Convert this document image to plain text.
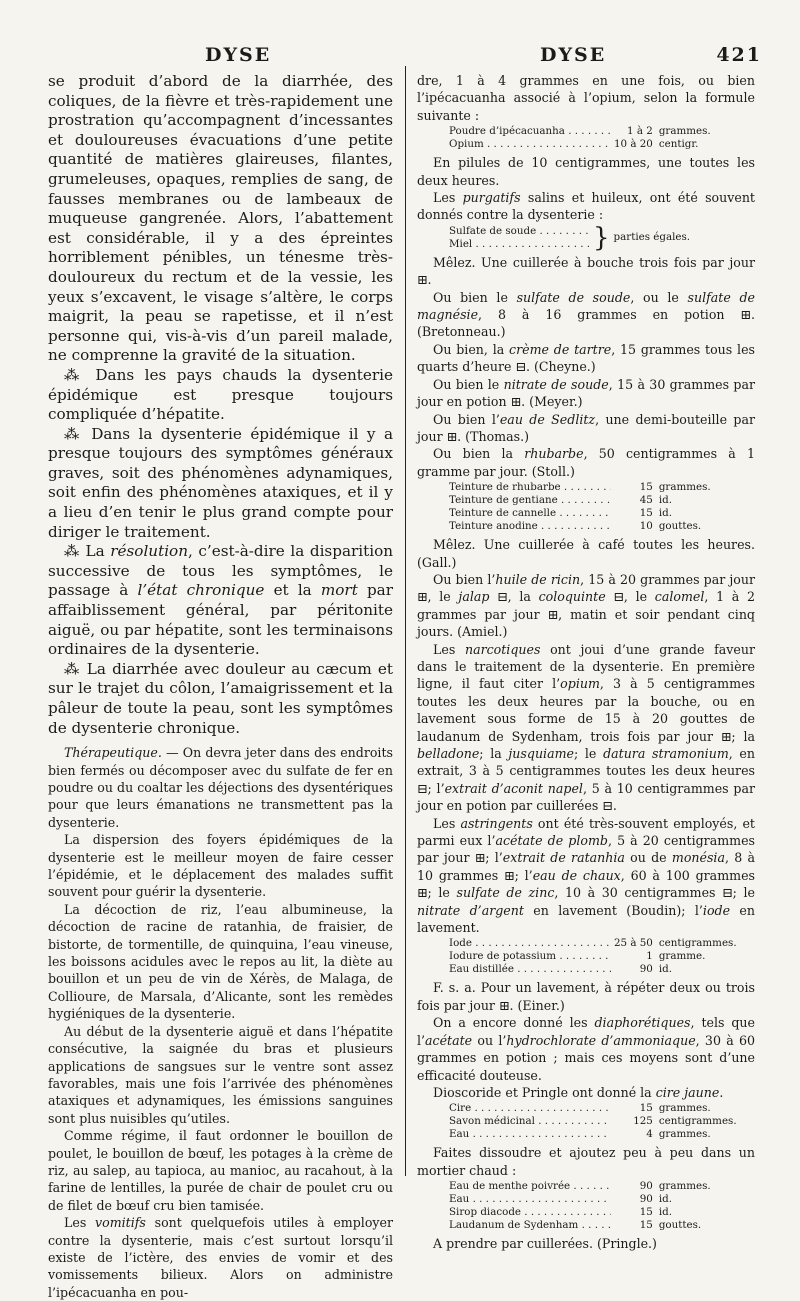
DYSE	DYSE	421

se produit d’abord de la diarrhée, des coliques, de la fièvre et très-rapidement une prostration qu’accompagnent d’incessantes et douloureuses évacuations d’une petite quantité de matières glaireuses, filantes, grumeleuses, opaques, remplies de sang, de fausses membranes ou de lambeaux de muqueuse gangrenée. Alors, l’abattement est considérable, il y a des épreintes horriblement pénibles, un ténesme très-douloureux du rectum et de la vessie, les yeux s’excavent, le visage s’altère, le corps maigrit, la peau se rapetisse, et il n’est personne qui, vis-à-vis d’un pareil malade, ne comprenne la gravité de la situation.

⁂ Dans les pays chauds la dysenterie épidémique est presque toujours compliquée d’hépatite.

⁂ Dans la dysenterie épidémique il y a presque toujours des symptômes généraux graves, soit des phénomènes adynamiques, soit enfin des phénomènes ataxiques, et il y a lieu d’en tenir le plus grand compte pour diriger le traitement.

⁂ La résolution, c’est-à-dire la disparition successive de tous les symptômes, le passage à l’état chronique et la mort par affaiblissement général, par péritonite aiguë, ou par hépatite, sont les terminaisons ordinaires de la dysenterie.

⁂ La diarrhée avec douleur au cæcum et sur le trajet du côlon, l’amaigrissement et la pâleur de toute la peau, sont les symptômes de dysenterie chronique.

Thérapeutique. — On devra jeter dans des endroits bien fermés ou décomposer avec du sulfate de fer en poudre ou du coaltar les déjections des dysentériques pour que leurs émanations ne transmettent pas la dysenterie.

La dispersion des foyers épidémiques de la dysenterie est le meilleur moyen de faire cesser l’épidémie, et le déplacement des malades suffit souvent pour guérir la dysenterie.

La décoction de riz, l’eau albumineuse, la décoction de racine de ratanhia, de fraisier, de bistorte, de tormentille, de quinquina, l’eau vineuse, les boissons acidules avec le repos au lit, la diète au bouillon et un peu de vin de Xérès, de Malaga, de Collioure, de Marsala, d’Alicante, sont les remèdes hygiéniques de la dysenterie.

Au début de la dysenterie aiguë et dans l’hépatite consécutive, la saignée du bras et plusieurs applications de sangsues sur le ventre sont assez favorables, mais une fois l’arrivée des phénomènes ataxiques et adynamiques, les émissions sanguines sont plus nuisibles qu’utiles.

Comme régime, il faut ordonner le bouillon de poulet, le bouillon de bœuf, les potages à la crème de riz, au salep, au tapioca, au manioc, au racahout, à la farine de lentilles, la purée de chair de poulet cru ou de filet de bœuf cru bien tamisée.

Les vomitifs sont quelquefois utiles à employer contre la dysenterie, mais c’est surtout lorsqu’il existe de l’ictère, des envies de vomir et des vomissements bilieux. Alors on administre l’ipécacuanha en pou-

dre, 1 à 4 grammes en une fois, ou bien l’ipécacuanha associé à l’opium, selon la formule suivante :

Poudre d’ipécacuanha . . .	1 à 2 grammes.
Opium . . .	10 à 20 centigr.

En pilules de 10 centigrammes, une toutes les deux heures.

Les purgatifs salins et huileux, ont été souvent donnés contre la dysenterie :

Sulfate de soude . . .
Miel . . .	} parties égales.

Mêlez. Une cuillerée à bouche trois fois par jour ⊞.

Ou bien le sulfate de soude, ou le sulfate de magnésie, 8 à 16 grammes en potion ⊞. (Bretonneau.)

Ou bien, la crème de tartre, 15 grammes tous les quarts d’heure ⊟. (Cheyne.)

Ou bien le nitrate de soude, 15 à 30 grammes par jour en potion ⊞. (Meyer.)

Ou bien l’eau de Sedlitz, une demi-bouteille par jour ⊞. (Thomas.)

Ou bien la rhubarbe, 50 centigrammes à 1 gramme par jour. (Stoll.)

Teinture de rhubarbe . . .	15 grammes.
Teinture de gentiane . . .	45 id.
Teinture de cannelle . . .	15 id.
Teinture anodine . . .	10 gouttes.

Mêlez. Une cuillerée à café toutes les heures. (Gall.)

Ou bien l’huile de ricin, 15 à 20 grammes par jour ⊞, le jalap ⊟, la coloquinte ⊟, le calomel, 1 à 2 grammes par jour ⊞, matin et soir pendant cinq jours. (Amiel.)

Les narcotiques ont joui d’une grande faveur dans le traitement de la dysenterie. En première ligne, il faut citer l’opium, 3 à 5 centigrammes toutes les deux heures par la bouche, ou en lavement sous forme de 15 à 20 gouttes de laudanum de Sydenham, trois fois par jour ⊞; la belladone; la jusquiame; le datura stramonium, en extrait, 3 à 5 centigrammes toutes les deux heures ⊟; l’extrait d’aconit napel, 5 à 10 centigrammes par jour en potion par cuillerées ⊟.

Les astringents ont été très-souvent employés, et parmi eux l’acétate de plomb, 5 à 20 centigrammes par jour ⊞; l’extrait de ratanhia ou de monésia, 8 à 10 grammes ⊞; l’eau de chaux, 60 à 100 grammes ⊞; le sulfate de zinc, 10 à 30 centigrammes ⊟; le nitrate d’argent en lavement (Boudin); l’iode en lavement.

Iode . . .	25 à 50 centigrammes.
Iodure de potassium . . .	1 gramme.
Eau distillée . . .	90 id.

F. s. a. Pour un lavement, à répéter deux ou trois fois par jour ⊞. (Einer.)

On a encore donné les diaphorétiques, tels que l’acétate ou l’hydrochlorate d’ammoniaque, 30 à 60 grammes en potion ; mais ces moyens sont d’une efficacité douteuse.

Dioscoride et Pringle ont donné la cire jaune.

Cire . . .	15 grammes.
Savon médicinal . . .	125 centigrammes.
Eau . . .	4 grammes.

Faites dissoudre et ajoutez peu à peu dans un mortier chaud :

Eau de menthe poivrée . . .	90 grammes.
Eau . . .	90 id.
Sirop diacode . . .	15 id.
Laudanum de Sydenham . . .	15 gouttes.

A prendre par cuillerées. (Pringle.)
